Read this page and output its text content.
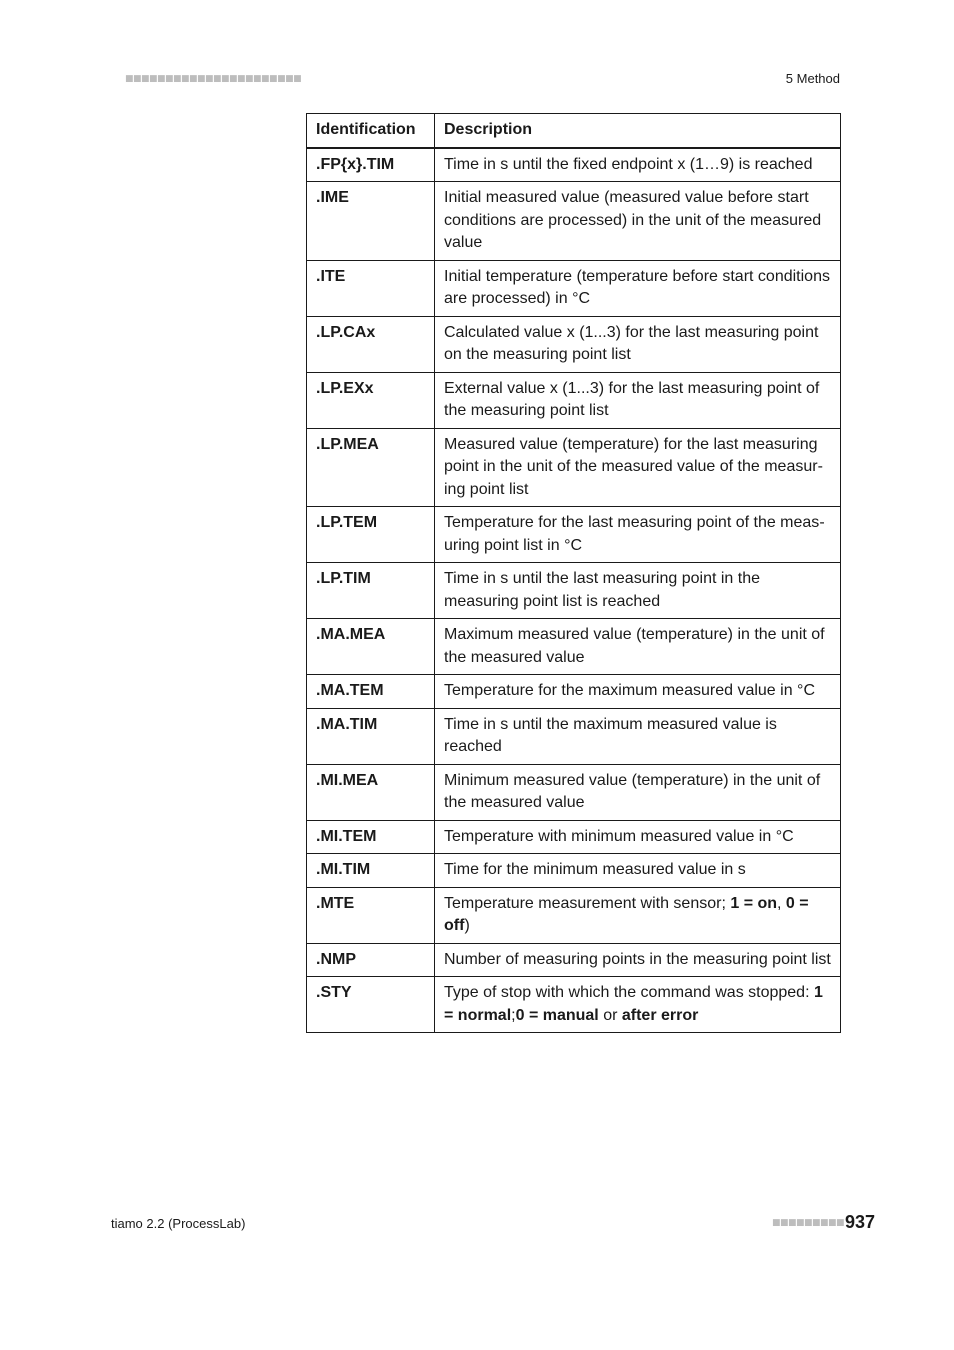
■■■■■■■■■■■■■■■■■■■■■■	5 Method
Identification	Description
.FP{x}.TIM	Time in s until the fixed endpoint x (1…9) is reached
.IME	Initial measured value (measured value before start conditions are processed) in the unit of the measured value
.ITE	Initial temperature (temperature before start conditions are processed) in °C
.LP.CAx	Calculated value x (1...3) for the last measuring point on the measuring point list
.LP.EXx	External value x (1...3) for the last measuring point of the measuring point list
.LP.MEA	Measured value (temperature) for the last measuring point in the unit of the measured value of the measuring point list
.LP.TEM	Temperature for the last measuring point of the measuring point list in °C
.LP.TIM	Time in s until the last measuring point in the measuring point list is reached
.MA.MEA	Maximum measured value (temperature) in the unit of the measured value
.MA.TEM	Temperature for the maximum measured value in °C
.MA.TIM	Time in s until the maximum measured value is reached
.MI.MEA	Minimum measured value (temperature) in the unit of the measured value
.MI.TEM	Temperature with minimum measured value in °C
.MI.TIM	Time for the minimum measured value in s
.MTE	Temperature measurement with sensor; 1 = on, 0 = off)
.NMP	Number of measuring points in the measuring point list
.STY	Type of stop with which the command was stopped: 1 = normal;0 = manual or after error
tiamo 2.2 (ProcessLab)	■■■■■■■■■ 937
